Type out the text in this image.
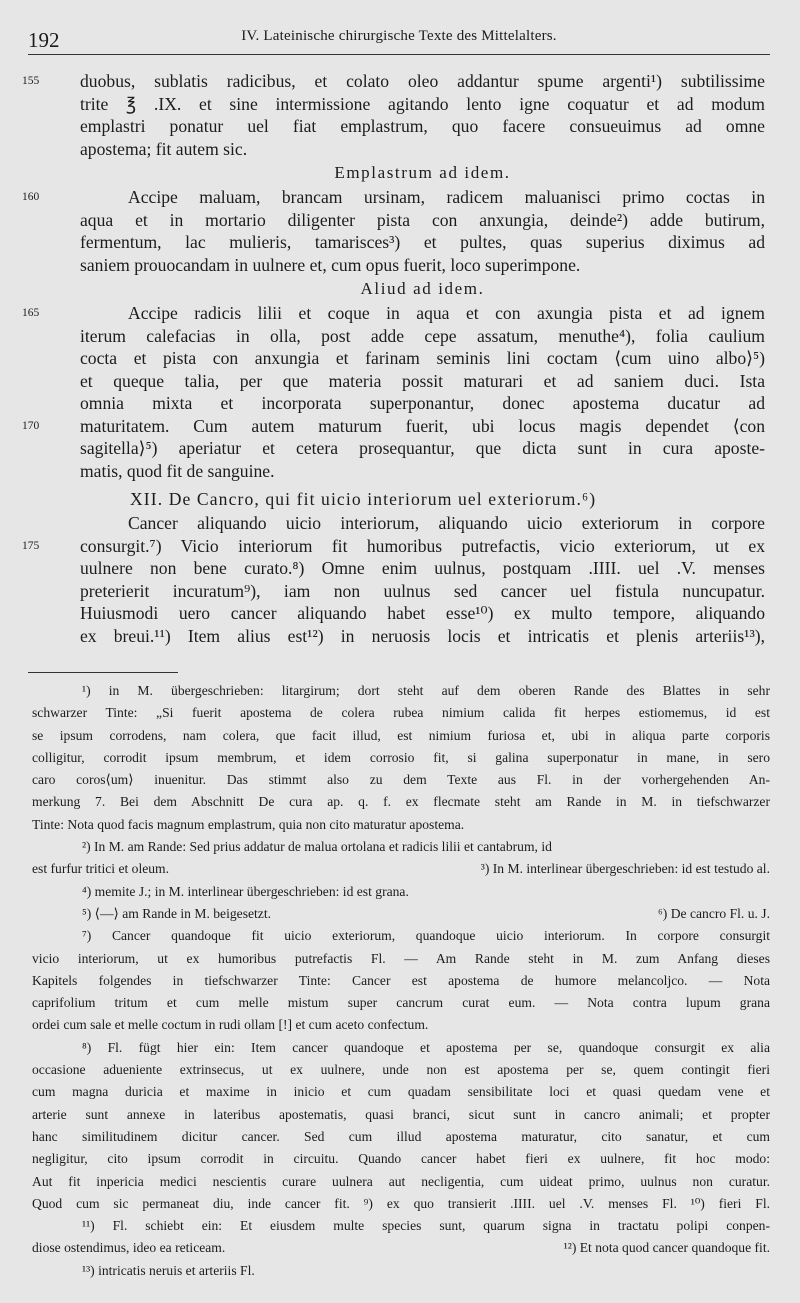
192	IV. Lateinische chirurgische Texte des Mittelalters.
155	duobus, sublatis radicibus, et colato oleo addantur spume argenti¹) subtilissime
trite ℥ .IX. et sine intermissione agitando lento igne coquatur et ad modum
emplastri ponatur uel fiat emplastrum, quo facere consueuimus ad omne
apostema; fit autem sic.
Emplastrum ad idem.
160	Accipe maluam, brancam ursinam, radicem maluanisci primo coctas in
aqua et in mortario diligenter pista con anxungia, deinde²) adde butirum,
fermentum, lac mulieris, tamarisces³) et pultes, quas superius diximus ad
saniem prouocandam in uulnere et, cum opus fuerit, loco superimpone.
Aliud ad idem.
165	Accipe radicis lilii et coque in aqua et con axungia pista et ad ignem
iterum calefacias in olla, post adde cepe assatum, menuthe⁴), folia caulium
cocta et pista con anxungia et farinam seminis lini coctam ⟨cum uino albo⟩⁵)
et queque talia, per que materia possit maturari et ad saniem duci. Ista
omnia mixta et incorporata superponantur, donec apostema ducatur ad
170	maturitatem. Cum autem maturum fuerit, ubi locus magis dependet ⟨con
sagitella⟩⁵) aperiatur et cetera prosequantur, que dicta sunt in cura aposte-
matis, quod fit de sanguine.
XII. De Cancro, qui fit uicio interiorum uel exteriorum.⁶)
Cancer aliquando uicio interiorum, aliquando uicio exteriorum in corpore
175	consurgit.⁷) Vicio interiorum fit humoribus putrefactis, vicio exteriorum, ut ex
uulnere non bene curato.⁸) Omne enim uulnus, postquam .IIII. uel .V. menses
preterierit incuratum⁹), iam non uulnus sed cancer uel fistula nuncupatur.
Huiusmodi uero cancer aliquando habet esse¹⁰) ex multo tempore, aliquando
ex breui.¹¹) Item alius est¹²) in neruosis locis et intricatis et plenis arteriis¹³),
¹) in M. übergeschrieben: litargirum; dort steht auf dem oberen Rande des Blattes in sehr
schwarzer Tinte: „Si fuerit apostema de colera rubea nimium calida fit herpes estiomemus, id est
se ipsum corrodens, nam colera, que facit illud, est nimium furiosa et, ubi in aliqua parte corporis
colligitur, corrodit ipsum membrum, et idem corrosio fit, si galina superponatur in mane, in sero
caro coros⟨um⟩ inuenitur. Das stimmt also zu dem Texte aus Fl. in der vorhergehenden An-
merkung 7. Bei dem Abschnitt De cura ap. q. f. ex flecmate steht am Rande in M. in tiefschwarzer
Tinte: Nota quod facis magnum emplastrum, quia non cito maturatur apostema.
²) In M. am Rande: Sed prius addatur de malua ortolana et radicis lilii et cantabrum, id
est furfur tritici et oleum.	³) In M. interlinear übergeschrieben: id est testudo al.
⁴) memite J.; in M. interlinear übergeschrieben: id est grana.
⁵) ⟨—⟩ am Rande in M. beigesetzt.	⁶) De cancro Fl. u. J.
⁷) Cancer quandoque fit uicio exteriorum, quandoque uicio interiorum. In corpore consurgit
vicio interiorum, ut ex humoribus putrefactis Fl. — Am Rande steht in M. zum Anfang dieses
Kapitels folgendes in tiefschwarzer Tinte: Cancer est apostema de humore melancoljco. — Nota
caprifolium tritum et cum melle mistum super cancrum curat eum. — Nota contra lupum grana
ordei cum sale et melle coctum in rudi ollam [!] et cum aceto confectum.
⁸) Fl. fügt hier ein: Item cancer quandoque et apostema per se, quandoque consurgit ex alia
occasione adueniente extrinsecus, ut ex uulnere, unde non est apostema per se, quem contingit fieri
cum magna duricia et maxime in inicio et cum quadam sensibilitate loci et quasi quedam vene et
arterie sunt annexe in lateribus apostematis, quasi branci, sicut sunt in cancro animali; et propter
hanc similitudinem dicitur cancer. Sed cum illud apostema maturatur, cito sanatur, et cum
negligitur, cito ipsum corrodit in circuitu. Quando cancer habet fieri ex uulnere, fit hoc modo:
Aut fit inpericia medici nescientis curare uulnera aut necligentia, cum uideat primo, uulnus non curatur.
Quod cum sic permaneat diu, inde cancer fit. ⁹) ex quo transierit .IIII. uel .V. menses Fl. ¹⁰) fieri Fl.
¹¹) Fl. schiebt ein: Et eiusdem multe species sunt, quarum signa in tractatu polipi conpen-
diose ostendimus, ideo ea reticeam.	¹²) Et nota quod cancer quandoque fit.
¹³) intricatis neruis et arteriis Fl.
